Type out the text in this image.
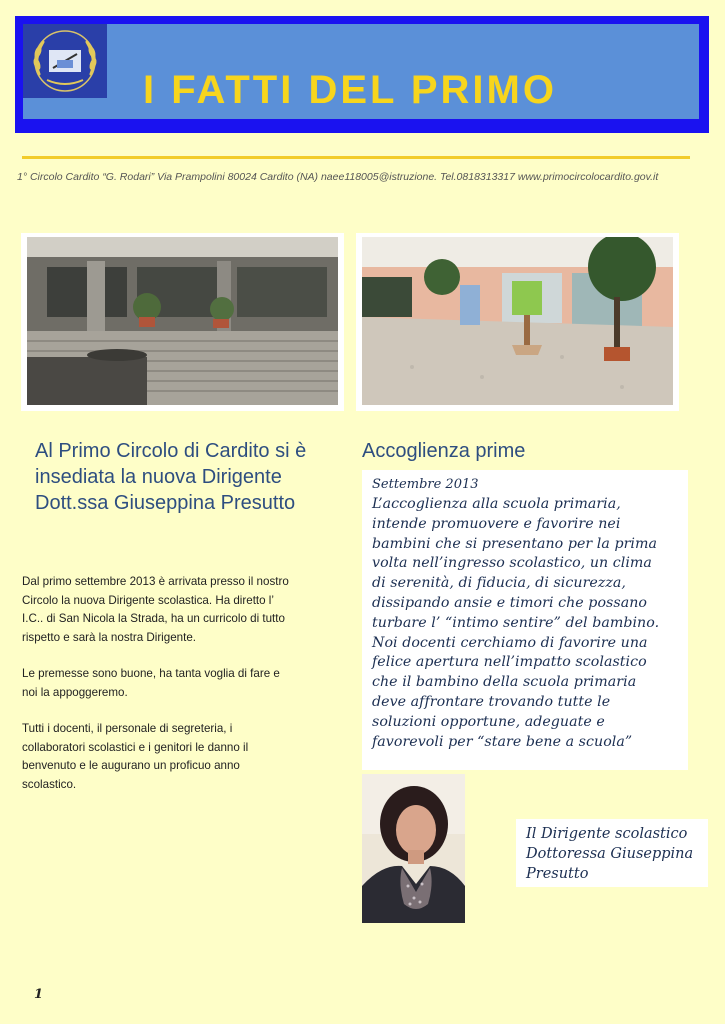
I FATTI DEL PRIMO
1° Circolo Cardito “G. Rodari” Via Prampolini 80024 Cardito (NA) naee118005@istruzione. Tel.0818313317 www.primocircolocardito.gov.it
Al Primo Circolo di Cardito si è
insediata la nuova Dirigente
Dott.ssa Giuseppina Presutto

Dal primo settembre 2013 è arrivata presso il nostro
Circolo la nuova Dirigente scolastica. Ha diretto l’
I.C.. di San Nicola la Strada, ha un curricolo di tutto
rispetto e sarà la nostra Dirigente.

Le premesse sono buone, ha tanta voglia di fare e
noi la appoggeremo.

Tutti i docenti, il personale di segreteria, i
collaboratori scolastici e i genitori le danno il
benvenuto e le augurano un proficuo anno
scolastico.

Accoglienza prime
Settembre 2013
L’accoglienza alla scuola primaria,
intende promuovere e favorire nei
bambini che si presentano per la prima
volta nell’ingresso scolastico, un clima
di serenità, di fiducia, di sicurezza,
dissipando ansie e timori che possano
turbare l’ “intimo sentire” del bambino.
Noi docenti cerchiamo di favorire una
felice apertura nell’impatto scolastico
che il bambino della scuola primaria
deve affrontare trovando tutte le
soluzioni opportune, adeguate e
favorevoli per “stare bene a scuola”
Il Dirigente scolastico
Dottoressa Giuseppina
Presutto
1
